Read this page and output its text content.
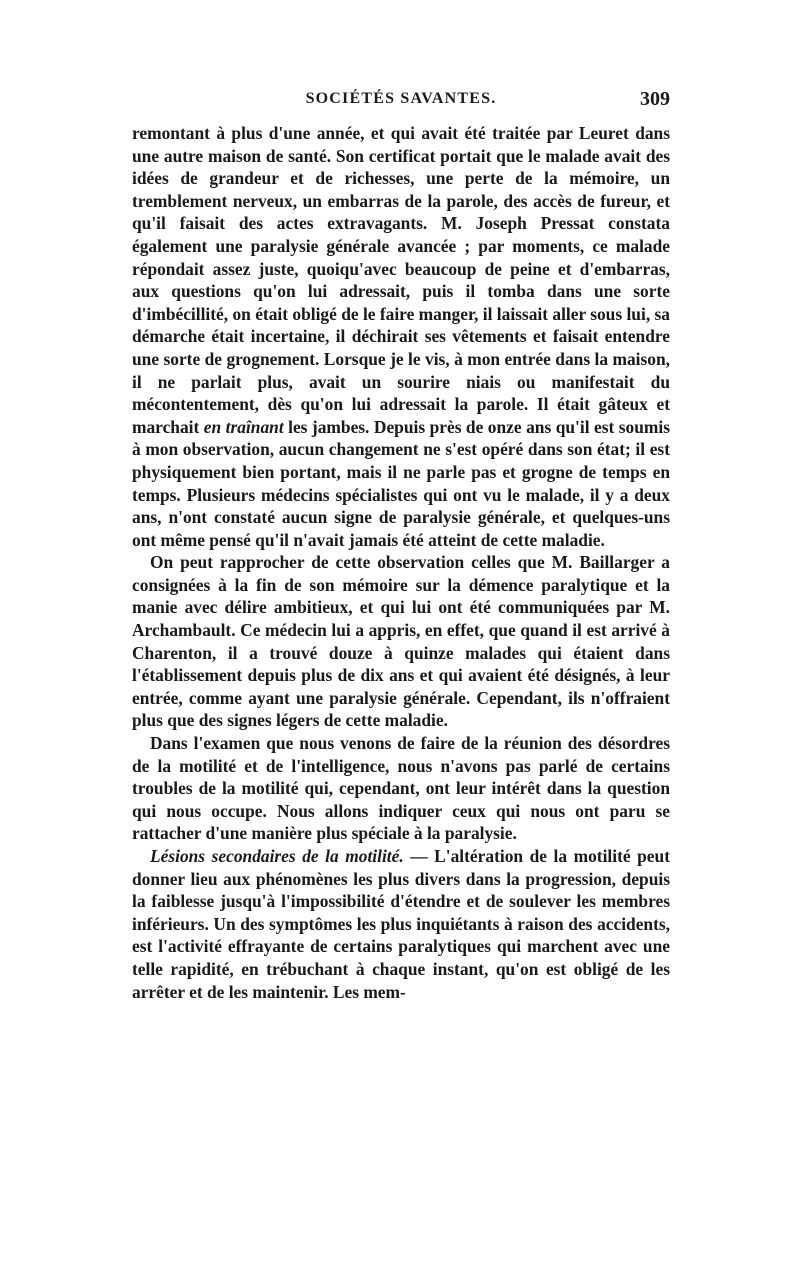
SOCIÉTÉS SAVANTES.	309

remontant à plus d'une année, et qui avait été traitée par Leuret dans une autre maison de santé. Son certificat portait que le malade avait des idées de grandeur et de richesses, une perte de la mémoire, un tremblement nerveux, un embarras de la parole, des accès de fureur, et qu'il faisait des actes extravagants. M. Joseph Pressat constata également une paralysie générale avancée ; par moments, ce malade répondait assez juste, quoiqu'avec beaucoup de peine et d'embarras, aux questions qu'on lui adressait, puis il tomba dans une sorte d'imbécillité, on était obligé de le faire manger, il laissait aller sous lui, sa démarche était incertaine, il déchirait ses vêtements et faisait entendre une sorte de grognement. Lorsque je le vis, à mon entrée dans la maison, il ne parlait plus, avait un sourire niais ou manifestait du mécontentement, dès qu'on lui adressait la parole. Il était gâteux et marchait en traînant les jambes. Depuis près de onze ans qu'il est soumis à mon observation, aucun changement ne s'est opéré dans son état; il est physiquement bien portant, mais il ne parle pas et grogne de temps en temps. Plusieurs médecins spécialistes qui ont vu le malade, il y a deux ans, n'ont constaté aucun signe de paralysie générale, et quelques-uns ont même pensé qu'il n'avait jamais été atteint de cette maladie.

On peut rapprocher de cette observation celles que M. Baillarger a consignées à la fin de son mémoire sur la démence paralytique et la manie avec délire ambitieux, et qui lui ont été communiquées par M. Archambault. Ce médecin lui a appris, en effet, que quand il est arrivé à Charenton, il a trouvé douze à quinze malades qui étaient dans l'établissement depuis plus de dix ans et qui avaient été désignés, à leur entrée, comme ayant une paralysie générale. Cependant, ils n'offraient plus que des signes légers de cette maladie.

Dans l'examen que nous venons de faire de la réunion des désordres de la motilité et de l'intelligence, nous n'avons pas parlé de certains troubles de la motilité qui, cependant, ont leur intérêt dans la question qui nous occupe. Nous allons indiquer ceux qui nous ont paru se rattacher d'une manière plus spéciale à la paralysie.

Lésions secondaires de la motilité. — L'altération de la motilité peut donner lieu aux phénomènes les plus divers dans la progression, depuis la faiblesse jusqu'à l'impossibilité d'étendre et de soulever les membres inférieurs. Un des symptômes les plus inquiétants à raison des accidents, est l'activité effrayante de certains paralytiques qui marchent avec une telle rapidité, en trébuchant à chaque instant, qu'on est obligé de les arrêter et de les maintenir. Les mem-
